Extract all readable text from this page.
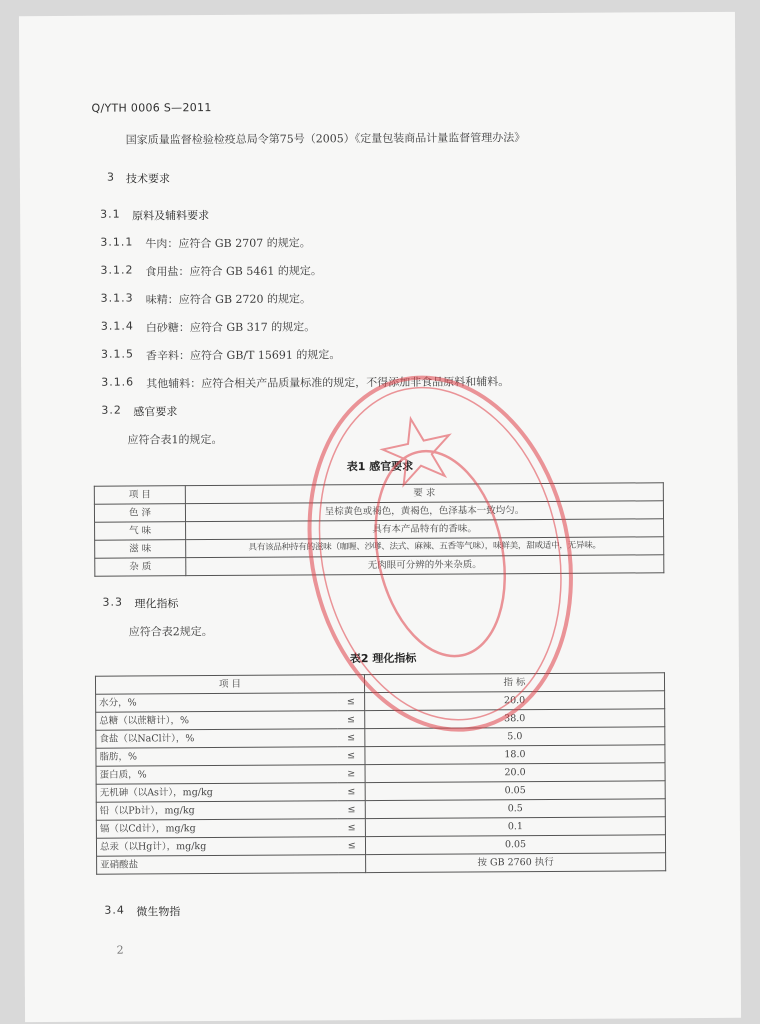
Q/YTH 0006 S—2011
国家质量监督检验检疫总局令第75号（2005）《定量包装商品计量监督管理办法》
3 技术要求
3.1 原料及辅料要求
3.1.1 牛肉：应符合 GB 2707 的规定。
3.1.2 食用盐：应符合 GB 5461 的规定。
3.1.3 味精：应符合 GB 2720 的规定。
3.1.4 白砂糖：应符合 GB 317 的规定。
3.1.5 香辛料：应符合 GB/T 15691 的规定。
3.1.6 其他辅料：应符合相关产品质量标准的规定，不得添加非食品原料和辅料。
3.2 感官要求
应符合表1的规定。
表1 感官要求
项 目	要 求
色 泽	呈棕黄色或褐色，黄褐色，色泽基本一致均匀。
气 味	具有本产品特有的香味。
滋 味	具有该品种持有的滋味（咖喱、沙嗲、法式、麻辣、五香等气味），味鲜美，甜咸适中，无异味。
杂 质	无肉眼可分辨的外来杂质。
3.3 理化指标
应符合表2规定。
表2 理化指标
项 目		指 标
水分，%	≤	20.0
总糖（以蔗糖计），%	≤	38.0
食盐（以NaCl计），%	≤	5.0
脂肪，%	≤	18.0
蛋白质，%	≥	20.0
无机砷（以As计），mg/kg	≤	0.05
铅（以Pb计），mg/kg	≤	0.5
镉（以Cd计），mg/kg	≤	0.1
总汞（以Hg计），mg/kg	≤	0.05
亚硝酸盐		按 GB 2760 执行
3.4 微生物指
2
